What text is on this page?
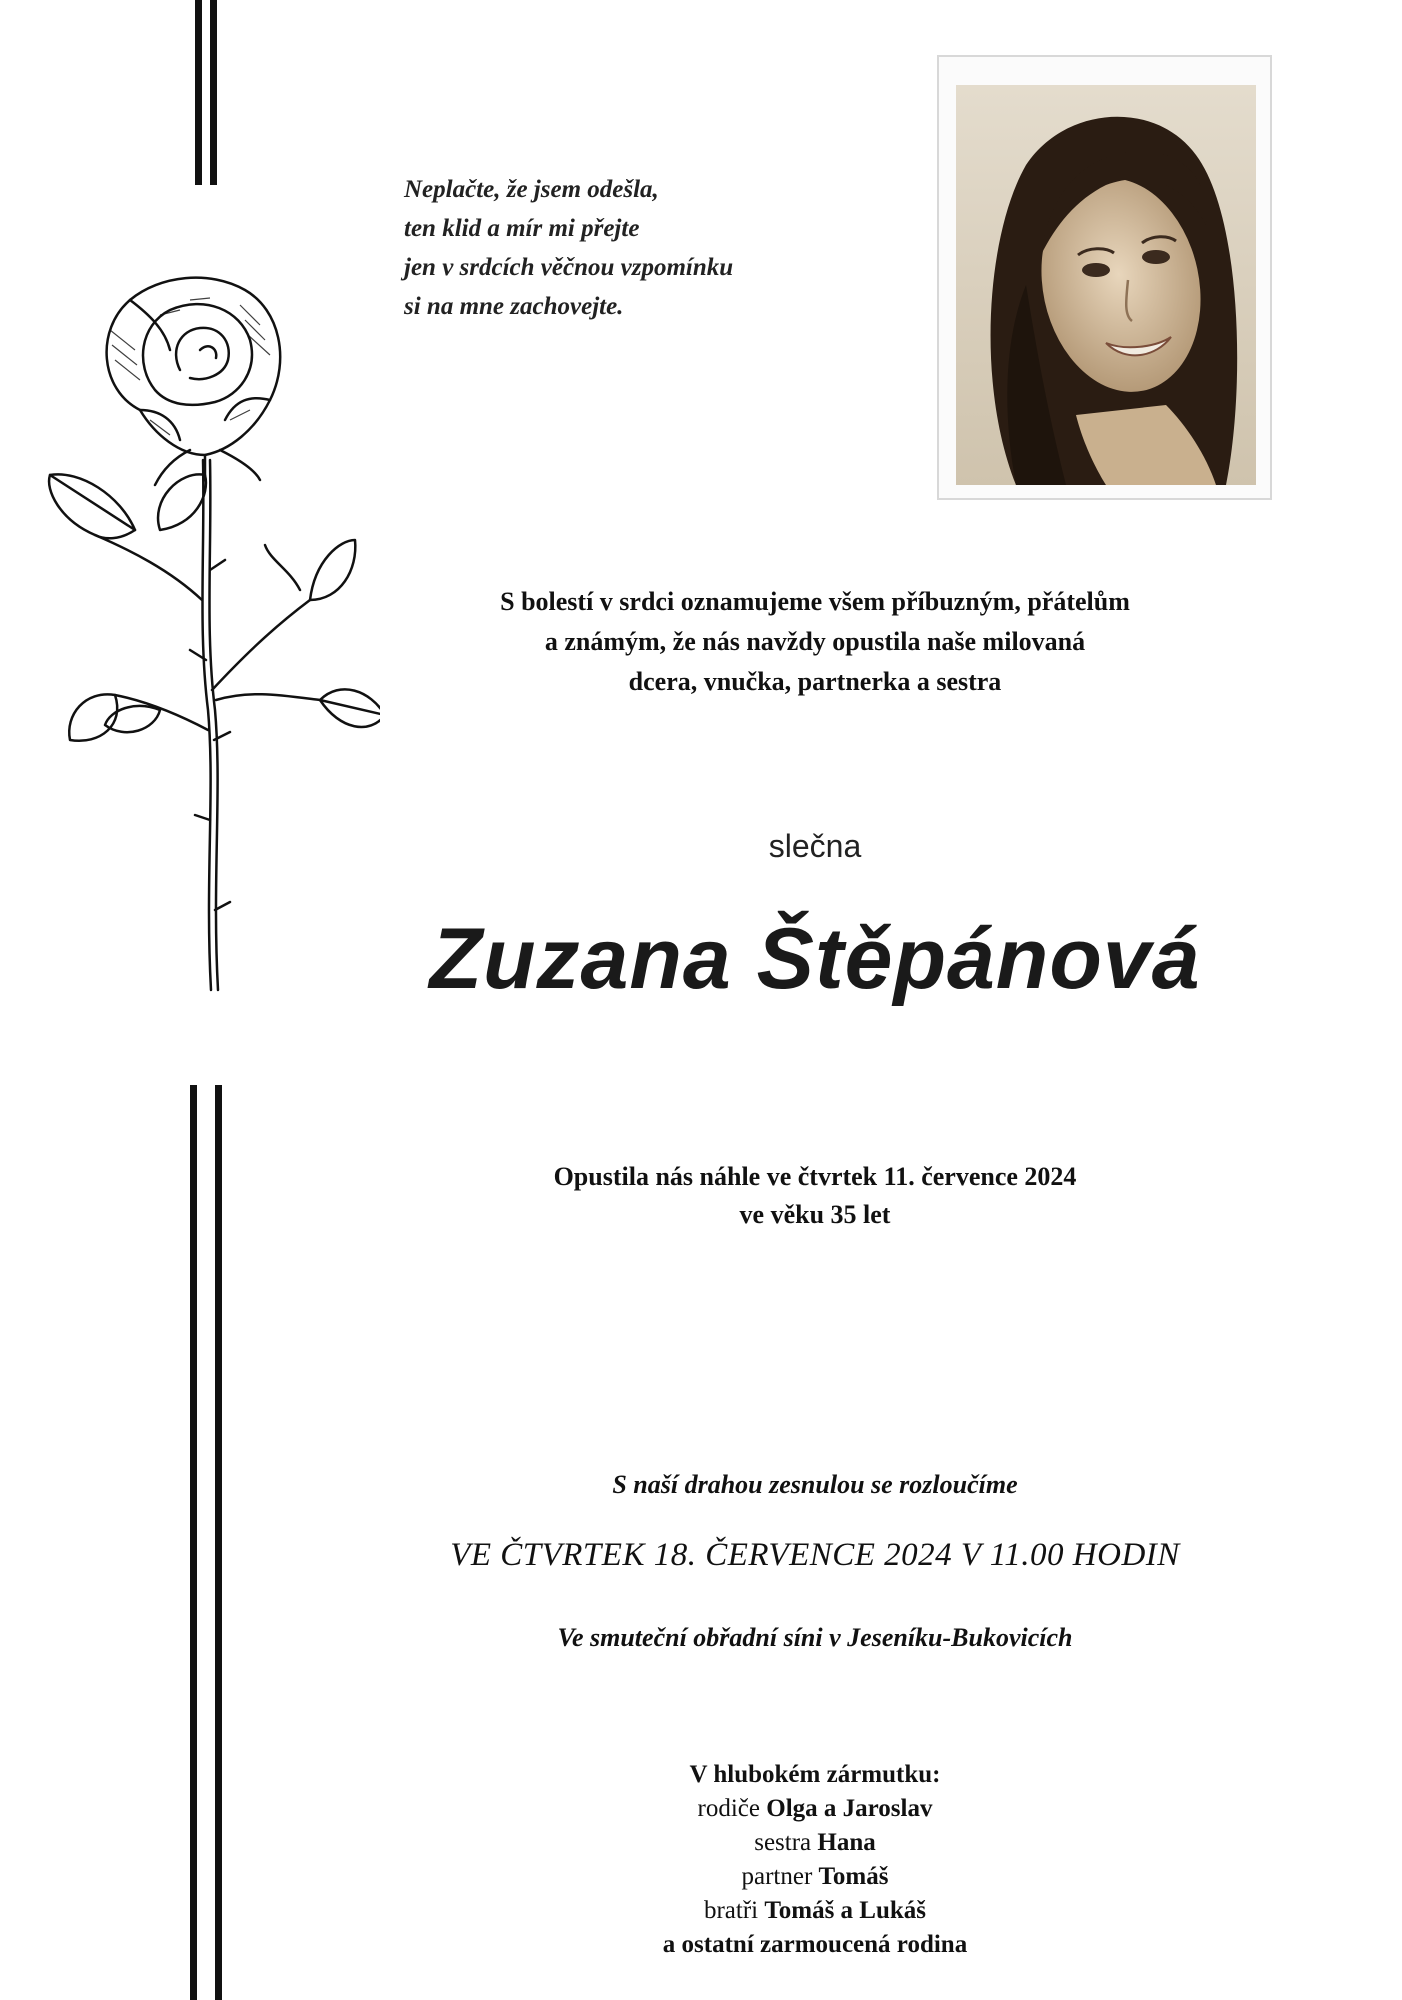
Neplačte, že jsem odešla,
ten klid a mír mi přejte
jen v srdcích věčnou vzpomínku
si na mne zachovejte.
S bolestí v srdci oznamujeme všem příbuzným, přátelům
a známým, že nás navždy opustila naše milovaná
dcera, vnučka, partnerka a sestra
slečna
Zuzana Štěpánová
Opustila nás náhle ve čtvrtek 11. července 2024
ve věku 35 let
S naší drahou zesnulou se rozloučíme
VE ČTVRTEK 18. ČERVENCE 2024 V 11.00 HODIN
Ve smuteční obřadní síni v Jeseníku-Bukovicích
V hlubokém zármutku:
rodiče Olga a Jaroslav
sestra Hana
partner Tomáš
bratři Tomáš a Lukáš
a ostatní zarmoucená rodina
